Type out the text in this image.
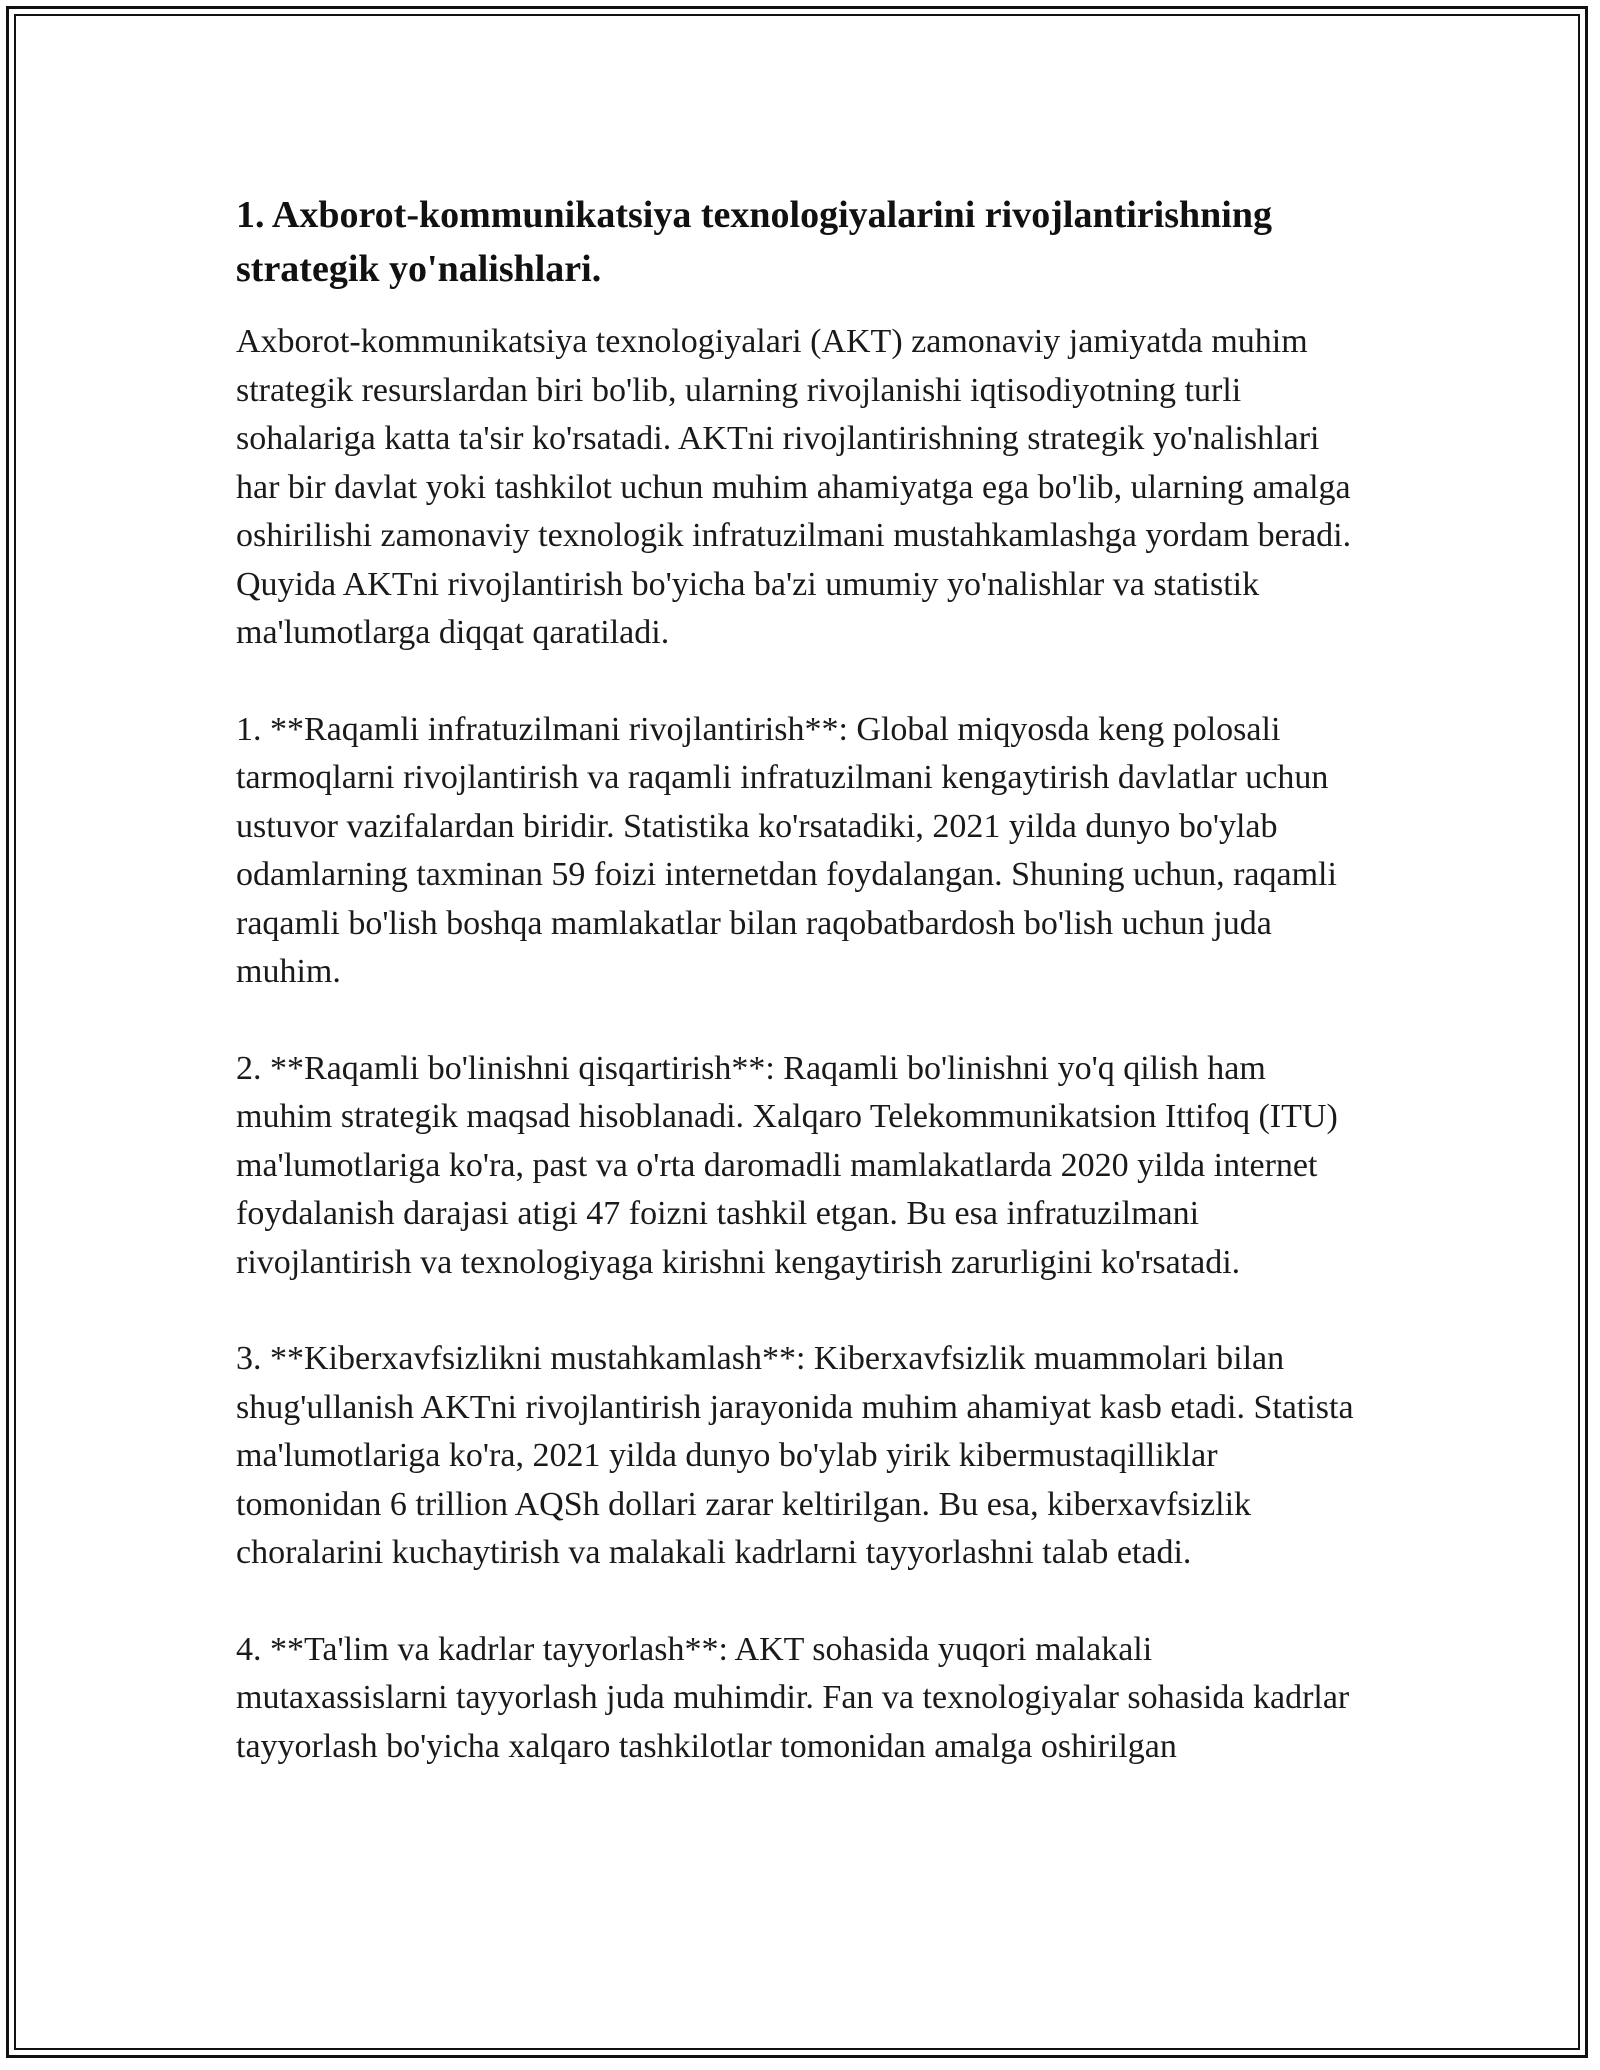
1. Axborot-kommunikatsiya texnologiyalarini rivojlantirishning strategik yo'nalishlari.

Axborot-kommunikatsiya texnologiyalari (AKT) zamonaviy jamiyatda muhim strategik resurslardan biri bo'lib, ularning rivojlanishi iqtisodiyotning turli sohalariga katta ta'sir ko'rsatadi. AKTni rivojlantirishning strategik yo'nalishlari har bir davlat yoki tashkilot uchun muhim ahamiyatga ega bo'lib, ularning amalga oshirilishi zamonaviy texnologik infratuzilmani mustahkamlashga yordam beradi. Quyida AKTni rivojlantirish bo'yicha ba'zi umumiy yo'nalishlar va statistik ma'lumotlarga diqqat qaratiladi.

1. **Raqamli infratuzilmani rivojlantirish**: Global miqyosda keng polosali tarmoqlarni rivojlantirish va raqamli infratuzilmani kengaytirish davlatlar uchun ustuvor vazifalardan biridir. Statistika ko'rsatadiki, 2021 yilda dunyo bo'ylab odamlarning taxminan 59 foizi internetdan foydalangan. Shuning uchun, raqamli raqamli bo'lish boshqa mamlakatlar bilan raqobatbardosh bo'lish uchun juda muhim.

2. **Raqamli bo'linishni qisqartirish**: Raqamli bo'linishni yo'q qilish ham muhim strategik maqsad hisoblanadi. Xalqaro Telekommunikatsion Ittifoq (ITU) ma'lumotlariga ko'ra, past va o'rta daromadli mamlakatlarda 2020 yilda internet foydalanish darajasi atigi 47 foizni tashkil etgan. Bu esa infratuzilmani rivojlantirish va texnologiyaga kirishni kengaytirish zarurligini ko'rsatadi.

3. **Kiberxavfsizlikni mustahkamlash**: Kiberxavfsizlik muammolari bilan shug'ullanish AKTni rivojlantirish jarayonida muhim ahamiyat kasb etadi. Statista ma'lumotlariga ko'ra, 2021 yilda dunyo bo'ylab yirik kibermustaqilliklar tomonidan 6 trillion AQSh dollari zarar keltirilgan. Bu esa, kiberxavfsizlik choralarini kuchaytirish va malakali kadrlarni tayyorlashni talab etadi.

4. **Ta'lim va kadrlar tayyorlash**: AKT sohasida yuqori malakali mutaxassislarni tayyorlash juda muhimdir. Fan va texnologiyalar sohasida kadrlar tayyorlash bo'yicha xalqaro tashkilotlar tomonidan amalga oshirilgan
